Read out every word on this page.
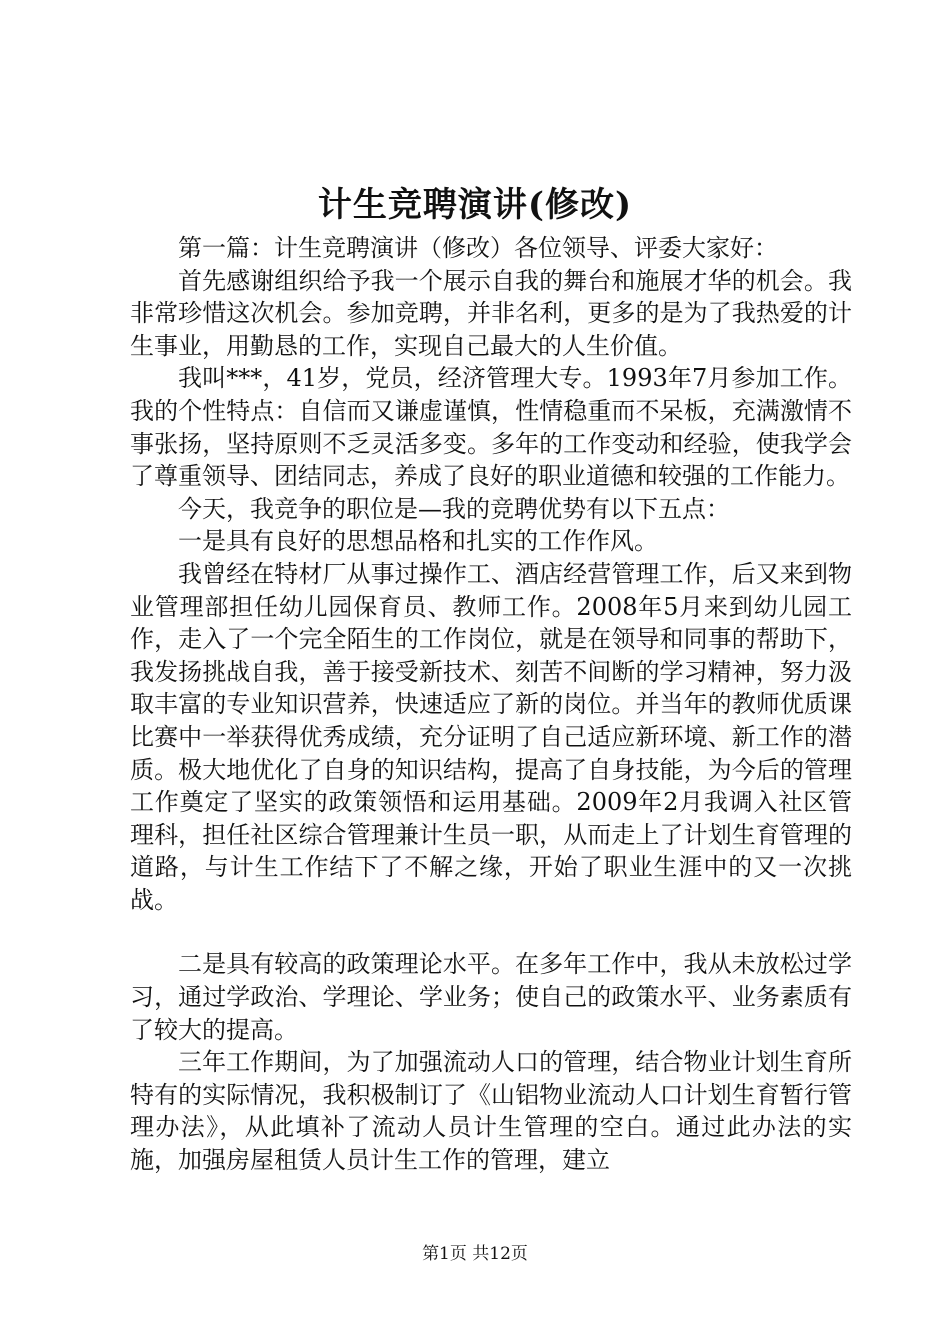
计生竞聘演讲(修改)

第一篇：计生竞聘演讲（修改）各位领导、评委大家好：

首先感谢组织给予我一个展示自我的舞台和施展才华的机会。我非常珍惜这次机会。参加竞聘，并非名利，更多的是为了我热爱的计生事业，用勤恳的工作，实现自己最大的人生价值。

我叫***，41岁，党员，经济管理大专。1993年7月参加工作。我的个性特点：自信而又谦虚谨慎，性情稳重而不呆板，充满激情不事张扬，坚持原则不乏灵活多变。多年的工作变动和经验，使我学会了尊重领导、团结同志，养成了良好的职业道德和较强的工作能力。

今天，我竞争的职位是—我的竞聘优势有以下五点：

一是具有良好的思想品格和扎实的工作作风。

我曾经在特材厂从事过操作工、酒店经营管理工作，后又来到物业管理部担任幼儿园保育员、教师工作。2008年5月来到幼儿园工作，走入了一个完全陌生的工作岗位，就是在领导和同事的帮助下，我发扬挑战自我，善于接受新技术、刻苦不间断的学习精神，努力汲取丰富的专业知识营养，快速适应了新的岗位。并当年的教师优质课比赛中一举获得优秀成绩，充分证明了自己适应新环境、新工作的潜质。极大地优化了自身的知识结构，提高了自身技能，为今后的管理工作奠定了坚实的政策领悟和运用基础。2009年2月我调入社区管理科，担任社区综合管理兼计生员一职，从而走上了计划生育管理的道路，与计生工作结下了不解之缘，开始了职业生涯中的又一次挑战。

二是具有较高的政策理论水平。在多年工作中，我从未放松过学习，通过学政治、学理论、学业务；使自己的政策水平、业务素质有了较大的提高。

三年工作期间，为了加强流动人口的管理，结合物业计划生育所特有的实际情况，我积极制订了《山铝物业流动人口计划生育暂行管理办法》，从此填补了流动人员计生管理的空白。通过此办法的实施，加强房屋租赁人员计生工作的管理，建立

第1页 共12页
